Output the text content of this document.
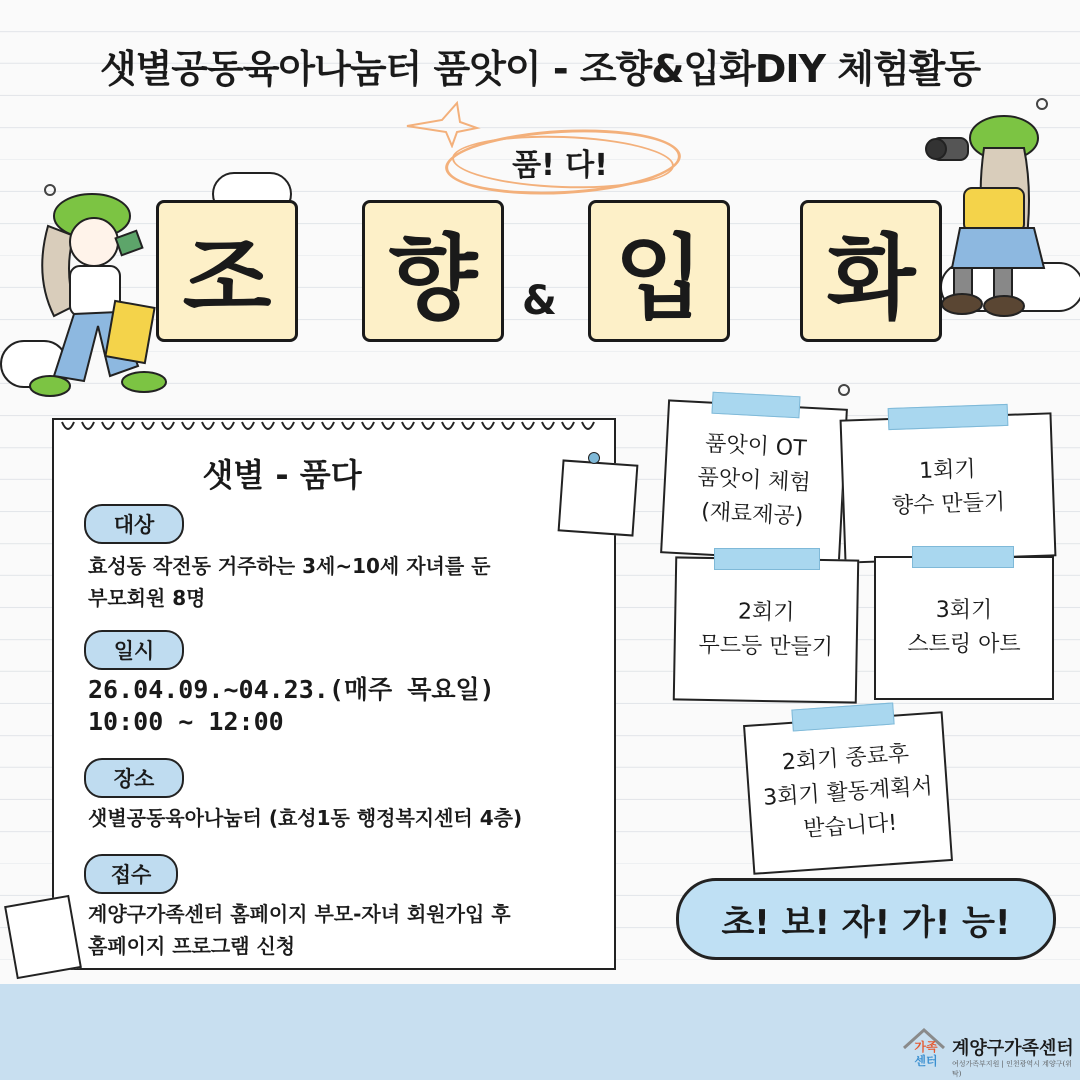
샛별공동육아나눔터 품앗이 - 조향&입화DIY 체험활동
품! 다!
조 향	& 입 화
샛별 - 품다
대상
효성동 작전동 거주하는 3세~10세 자녀를 둔
부모회원 8명
일시
26.04.09.~04.23.(매주 목요일)
10:00 ~ 12:00
장소
샛별공동육아나눔터 (효성1동 행정복지센터 4층)
접수
계양구가족센터 홈페이지 부모-자녀 회원가입 후
홈페이지 프로그램 신청
품앗이 OT
품앗이 체험
(재료제공)
1회기
향수 만들기
2회기
무드등 만들기
3회기
스트링 아트
2회기 종료후
3회기 활동계획서
받습니다!
초! 보! 자! 가! 능!
가족
센터
계양구가족센터
여성가족부지원 | 인천광역시 계양구(위탁)
